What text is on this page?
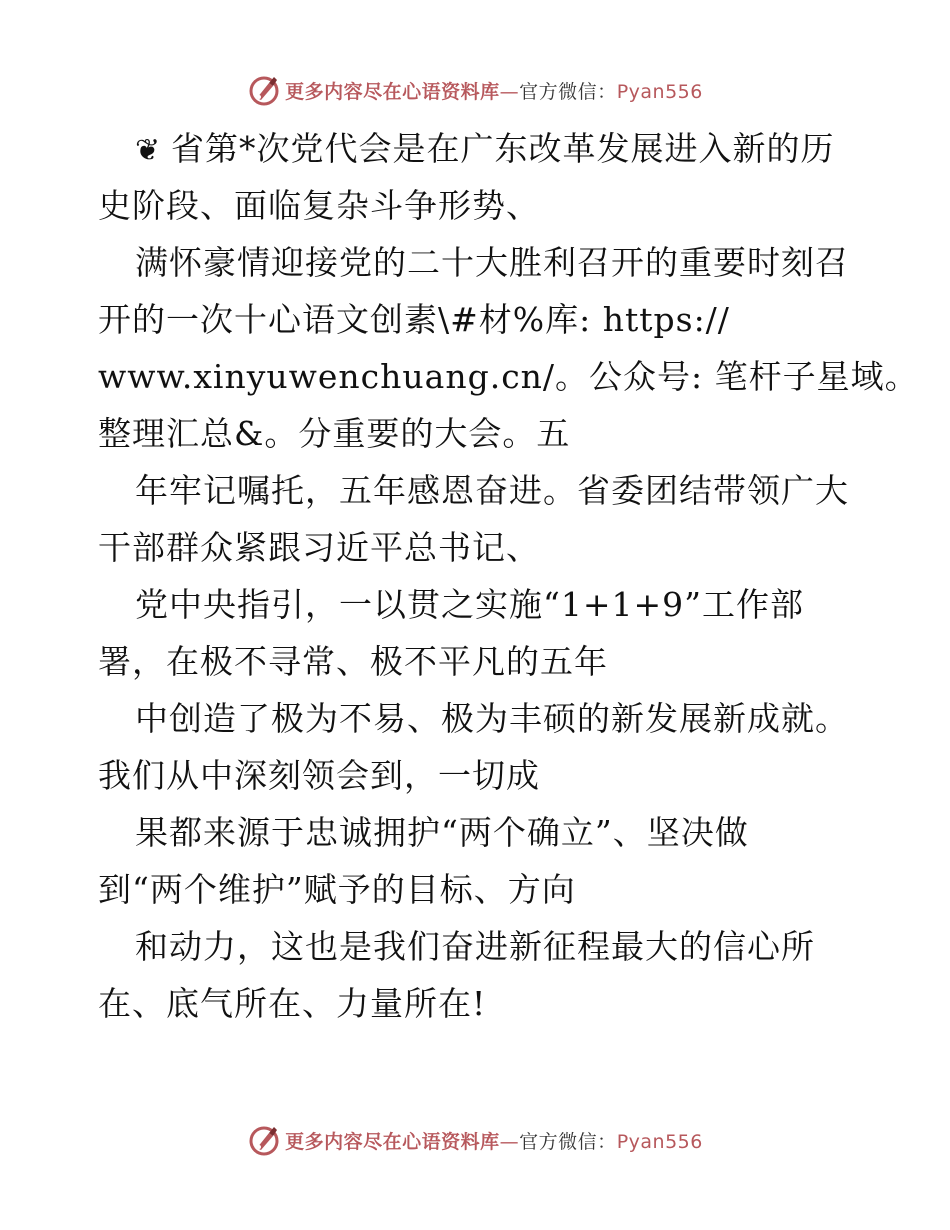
更多内容尽在心语资料库—官方微信：Pyan556
❦ 省第*次党代会是在广东改革发展进入新的历
史阶段、面临复杂斗争形势、
满怀豪情迎接党的二十大胜利召开的重要时刻召
开的一次十心语文创素\#材%库: https://
www.xinyuwenchuang.cn/。公众号: 笔杆子星域。
整理汇总&。分重要的大会。五
年牢记嘱托，五年感恩奋进。省委团结带领广大
干部群众紧跟习近平总书记、
党中央指引，一以贯之实施“1+1+9”工作部
署，在极不寻常、极不平凡的五年
中创造了极为不易、极为丰硕的新发展新成就。
我们从中深刻领会到，一切成
果都来源于忠诚拥护“两个确立”、坚决做
到“两个维护”赋予的目标、方向
和动力，这也是我们奋进新征程最大的信心所
在、底气所在、力量所在!
更多内容尽在心语资料库—官方微信：Pyan556
